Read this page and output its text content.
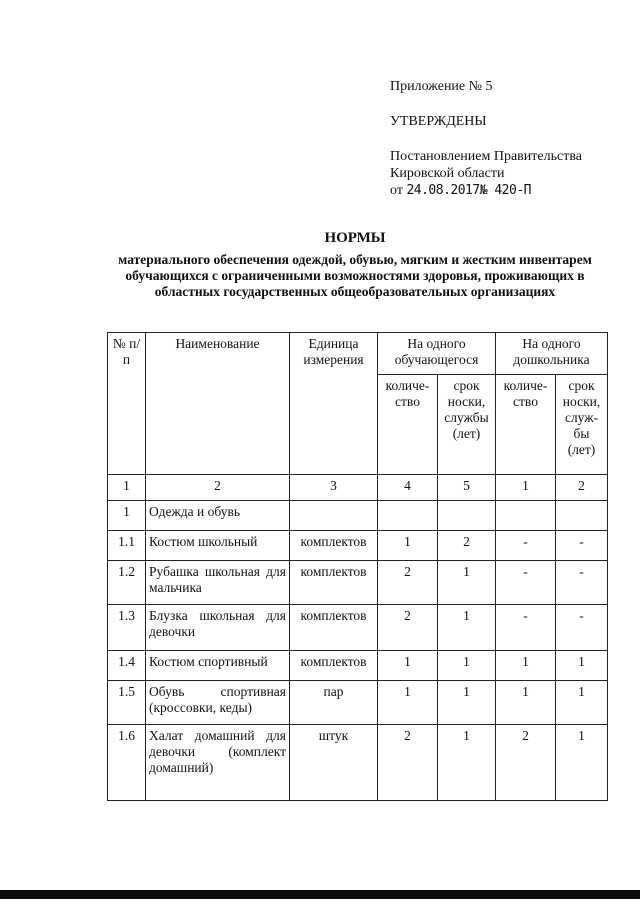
Приложение № 5
УТВЕРЖДЕНЫ
Постановлением Правительства
Кировской области
от 24.08.2017№ 420-П
НОРМЫ
материального обеспечения одеждой, обувью, мягким и жестким инвентарем обучающихся с ограниченными возможностями здоровья, проживающих в областных государственных общеобразовательных организациях
№ п/п	Наименование	Единица измерения	На одного обучающегося		На одного дошкольника	
			количе-ство	срок носки, службы (лет)	количе-ство	срок носки, служ-бы (лет)
1	2	3	4	5	1	2
1	Одежда и обувь					
1.1	Костюм школьный	комплектов	1	2	-	-
1.2	Рубашка школьная для мальчика	комплектов	2	1	-	-
1.3	Блузка школьная для девочки	комплектов	2	1	-	-
1.4	Костюм спортивный	комплектов	1	1	1	1
1.5	Обувь спортивная (кроссовки, кеды)	пар	1	1	1	1
1.6	Халат домашний для девочки (комплект домашний)	штук	2	1	2	1
